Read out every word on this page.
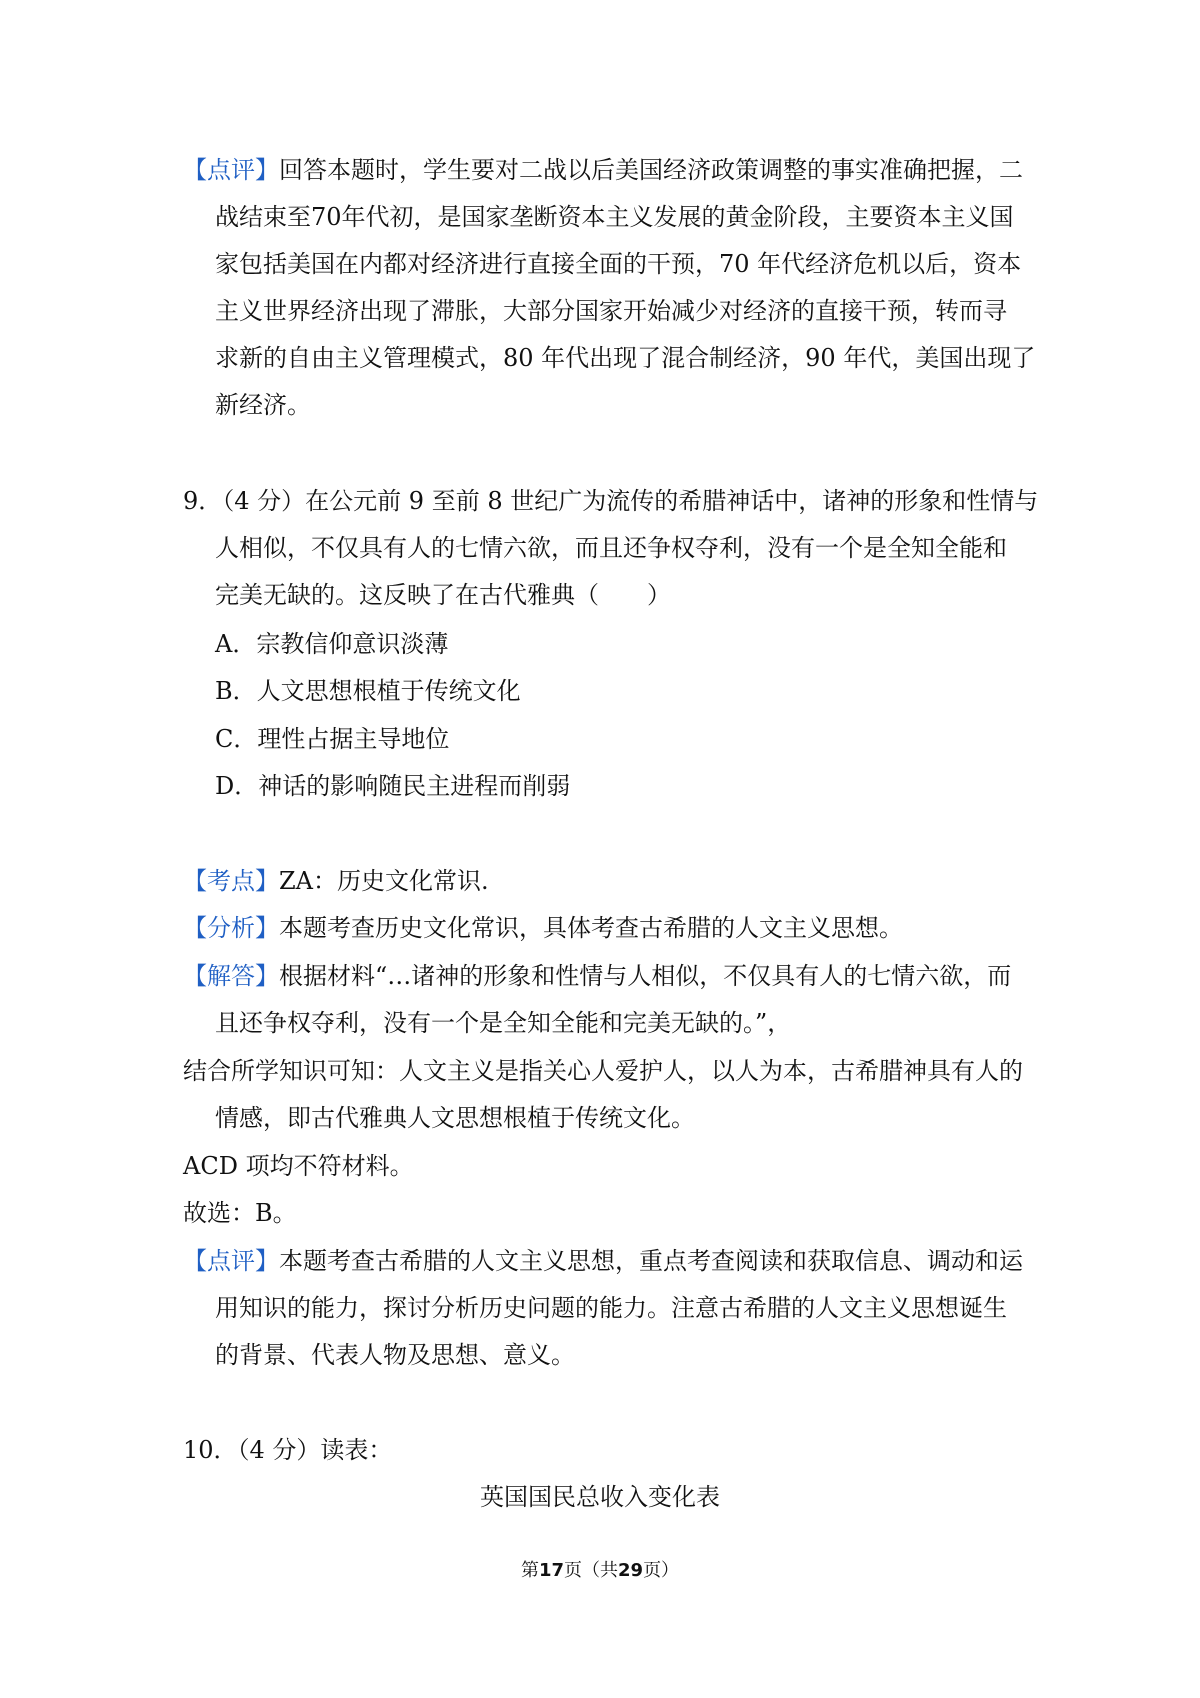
【点评】回答本题时，学生要对二战以后美国经济政策调整的事实准确把握，二
战结束至70年代初，是国家垄断资本主义发展的黄金阶段，主要资本主义国
家包括美国在内都对经济进行直接全面的干预，70 年代经济危机以后，资本
主义世界经济出现了滞胀，大部分国家开始减少对经济的直接干预，转而寻
求新的自由主义管理模式，80 年代出现了混合制经济，90 年代，美国出现了
新经济。
9．（4 分）在公元前 9 至前 8 世纪广为流传的希腊神话中，诸神的形象和性情与
人相似，不仅具有人的七情六欲，而且还争权夺利，没有一个是全知全能和
完美无缺的。这反映了在古代雅典（　　）
A．宗教信仰意识淡薄
B．人文思想根植于传统文化
C．理性占据主导地位
D．神话的影响随民主进程而削弱
【考点】ZA：历史文化常识.
【分析】本题考查历史文化常识，具体考查古希腊的人文主义思想。
【解答】根据材料“…诸神的形象和性情与人相似，不仅具有人的七情六欲，而
且还争权夺利，没有一个是全知全能和完美无缺的。”，
结合所学知识可知：人文主义是指关心人爱护人，以人为本，古希腊神具有人的
情感，即古代雅典人文思想根植于传统文化。
ACD 项均不符材料。
故选：B。
【点评】本题考查古希腊的人文主义思想，重点考查阅读和获取信息、调动和运
用知识的能力，探讨分析历史问题的能力。注意古希腊的人文主义思想诞生
的背景、代表人物及思想、意义。
10．（4 分）读表：
英国国民总收入变化表
第17页（共29页）
